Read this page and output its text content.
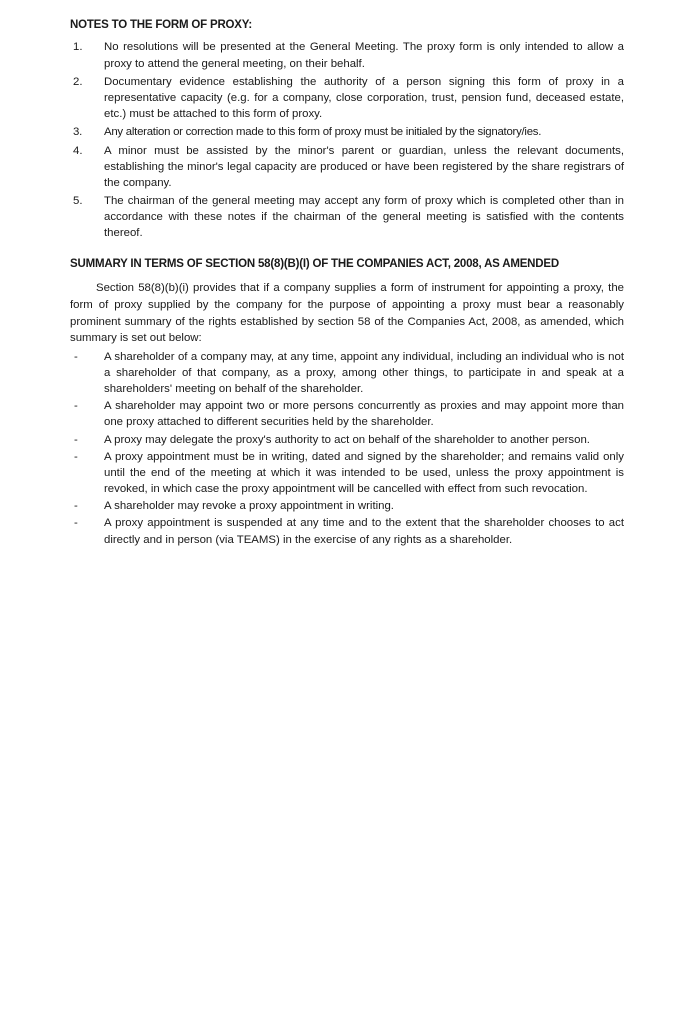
NOTES TO THE FORM OF PROXY:
1.	No resolutions will be presented at the General Meeting. The proxy form is only intended to allow a proxy to attend the general meeting, on their behalf.
2.	Documentary evidence establishing the authority of a person signing this form of proxy in a representative capacity (e.g. for a company, close corporation, trust, pension fund, deceased estate, etc.) must be attached to this form of proxy.
3.	Any alteration or correction made to this form of proxy must be initialed by the signatory/ies.
4.	A minor must be assisted by the minor's parent or guardian, unless the relevant documents, establishing the minor's legal capacity are produced or have been registered by the share registrars of the company.
5.	The chairman of the general meeting may accept any form of proxy which is completed other than in accordance with these notes if the chairman of the general meeting is satisfied with the contents thereof.
SUMMARY IN TERMS OF SECTION 58(8)(B)(I) OF THE COMPANIES ACT, 2008, AS AMENDED

Section 58(8)(b)(i) provides that if a company supplies a form of instrument for appointing a proxy, the form of proxy supplied by the company for the purpose of appointing a proxy must bear a reasonably prominent summary of the rights established by section 58 of the Companies Act, 2008, as amended, which summary is set out below:

-	A shareholder of a company may, at any time, appoint any individual, including an individual who is not a shareholder of that company, as a proxy, among other things, to participate in and speak at a shareholders' meeting on behalf of the shareholder.
-	A shareholder may appoint two or more persons concurrently as proxies and may appoint more than one proxy attached to different securities held by the shareholder.
-	A proxy may delegate the proxy's authority to act on behalf of the shareholder to another person.
-	A proxy appointment must be in writing, dated and signed by the shareholder; and remains valid only until the end of the meeting at which it was intended to be used, unless the proxy appointment is revoked, in which case the proxy appointment will be cancelled with effect from such revocation.
-	A shareholder may revoke a proxy appointment in writing.
-	A proxy appointment is suspended at any time and to the extent that the shareholder chooses to act directly and in person (via TEAMS) in the exercise of any rights as a shareholder.
